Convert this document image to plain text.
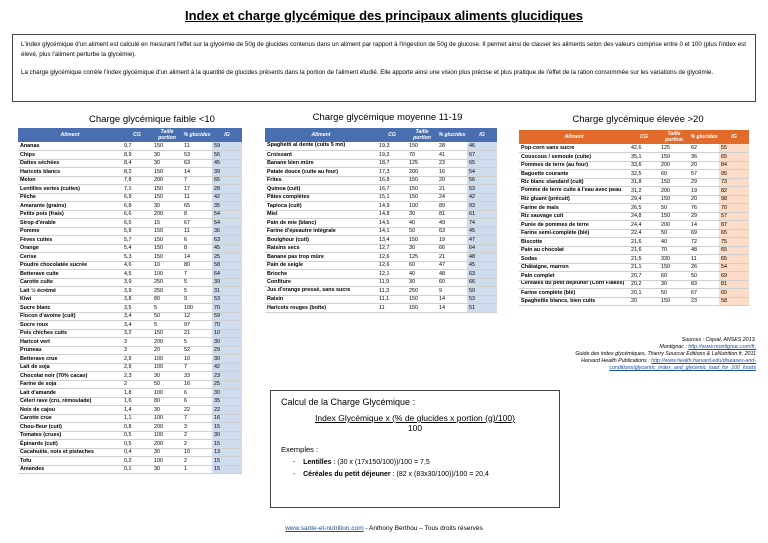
Index et charge glycémique des principaux aliments glucidiques

L'index glycémique d'un aliment est calculé en mesurant l'effet sur la glycémie de 50g de glucides contenus dans un aliment par rapport à l'ingestion de 50g de glucose. Il permet ainsi de classer les aliments selon des valeurs comprise entre 0 et 100 (plus l'index est élevé, plus l'aliment perturbe la glycémie).

La charge glycémique corrèle l'index glycémique d'un aliment à la quantité de glucides présents dans la portion de l'aliment étudié. Elle apporte ainsi une vision plus précise et plus pratique de l'effet de la ration consommée sur les variations de glycémie.

Charge glycémique faible <10	Charge glycémique moyenne 11-19	Charge glycémique élevée >20
Aliment	CG	Taille portion	% glucides	IG
Ananas	9,7	150	11	59
Chips	8,9	30	53	56
Dattes séchées	8,4	30	63	45
Haricots blancs	8,2	150	14	39
Melon	7,8	200	7	65
Lentilles vertes (cuites)	7,1	150	17	28
Pêche	6,9	150	11	42
Amarante (grains)	6,8	30	65	35
Petits pois (frais)	6,6	200	8	54
Sirop d'érable	6,5	15	67	54
Pomme	5,9	150	11	36
Fèves cuites	5,7	150	6	63
Orange	5,4	150	8	45
Cerise	5,3	150	14	25
Poudre chocolatée sucrée	4,6	10	80	58
Betterave cuite	4,5	100	7	64
Carotte cuite	3,9	250	5	39
Lait ½ écrémé	3,9	250	5	31
Kiwi	3,8	80	9	53
Sucre blanc	3,5	5	100	70
Flocon d'avoine (cuit)	3,4	50	12	59
Sucre roux	3,4	5	97	70
Pois chiches cuits	3,2	150	21	10
Haricot vert	3	200	5	30
Pruneau	3	20	52	29
Betterave crue	2,9	100	10	30
Lait de soja	2,9	100	7	42
Chocolat noir (70% cacao)	2,3	30	33	23
Farine de soja	2	50	16	25
Lait d'amande	1,8	100	6	30
Céleri rave (cru, rémoulade)	1,6	80	6	35
Noix de cajou	1,4	30	22	22
Carotte crue	1,1	100	7	16
Chou-fleur (cuit)	0,8	200	3	15
Tomates (crues)	0,5	100	2	30
Épinards (cuit)	0,5	200	2	15
Cacahuète, noix et pistaches	0,4	30	10	13
Tofu	0,2	100	2	15
Amandes	0,1	30	1	15
Aliment	CG	Taille portion	% glucides	IG
Spaghetti al dente (cuits 5 mn)	19,3	150	28	46
Croissant	19,2	70	41	67
Banane bien mûre	18,7	125	23	65
Patate douce (cuite au four)	17,3	200	16	54
Frites	16,8	150	20	56
Quinoa (cuit)	16,7	150	21	53
Pâtes complètes	15,1	150	24	42
Tapioca (cuit)	14,9	100	89	93
Miel	14,8	30	81	61
Pain de mie (blanc)	14,5	40	49	74
Farine d'épeautre intégrale	14,1	50	63	45
Boulghour (cuit)	13,4	150	19	47
Raisins secs	12,7	30	66	64
Banane pas trop mûre	12,6	125	21	48
Pain de seigle	12,6	60	47	45
Brioche	12,1	40	48	63
Confiture	11,9	30	60	66
Jus d'orange pressé, sans sucre	11,3	250	9	50
Raisin	11,1	150	14	53
Haricots rouges (boîte)	11	150	14	51
Aliment	CG	Taille portion	% glucides	IG
Pop-corn sans sucre	42,6	125	62	55
Couscous / semoule (cuite)	35,1	150	36	65
Pommes de terre (au four)	33,6	200	20	84
Baguette courante	32,5	60	57	95
Riz blanc standard (cuit)	31,8	150	29	73
Pomme de terre cuite à l'eau avec peau	31,2	200	19	82
Riz gluant (précuit)	29,4	150	20	98
Farine de maïs	26,5	50	76	70
Riz sauvage cuit	24,8	150	29	57
Purée de pommes de terre	24,4	200	14	87
Farine semi-complète (blé)	22,4	50	69	65
Biscotte	21,6	40	72	75
Pain au chocolat	21,6	70	48	65
Sodas	21,5	330	11	65
Châtaigne, marron	21,1	150	26	54
Pain complet	20,7	60	50	69
Céréales du petit déjeuner (Corn Flakes)	20,2	30	83	81
Farine complète (blé)	20,1	50	67	60
Spaghettis blancs, bien cuits	20	150	23	58
Sources : Ciqual, ANSES 2013,
Montignac : http://www.montignac.com/fr,
Guide des index glycémiques, Thierry Souccar Editions & LaNutrition.fr, 2011
Harvard Health Publications : http://www.health.harvard.edu/diseases-and-
conditions/glycemic_index_and_glycemic_load_for_100_foods
Calcul de la Charge Glycémique :
Index Glycémique x (% de glucides x portion (g)/100)
100
Exemples :
-    Lentilles : (30 x (17x150/100))/100 = 7,5
-    Céréales du petit déjeuner : (82 x (83x30/100))/100 = 20,4
www.sante-et-nutrition.com - Anthony Berthou – Tous droits réservés
